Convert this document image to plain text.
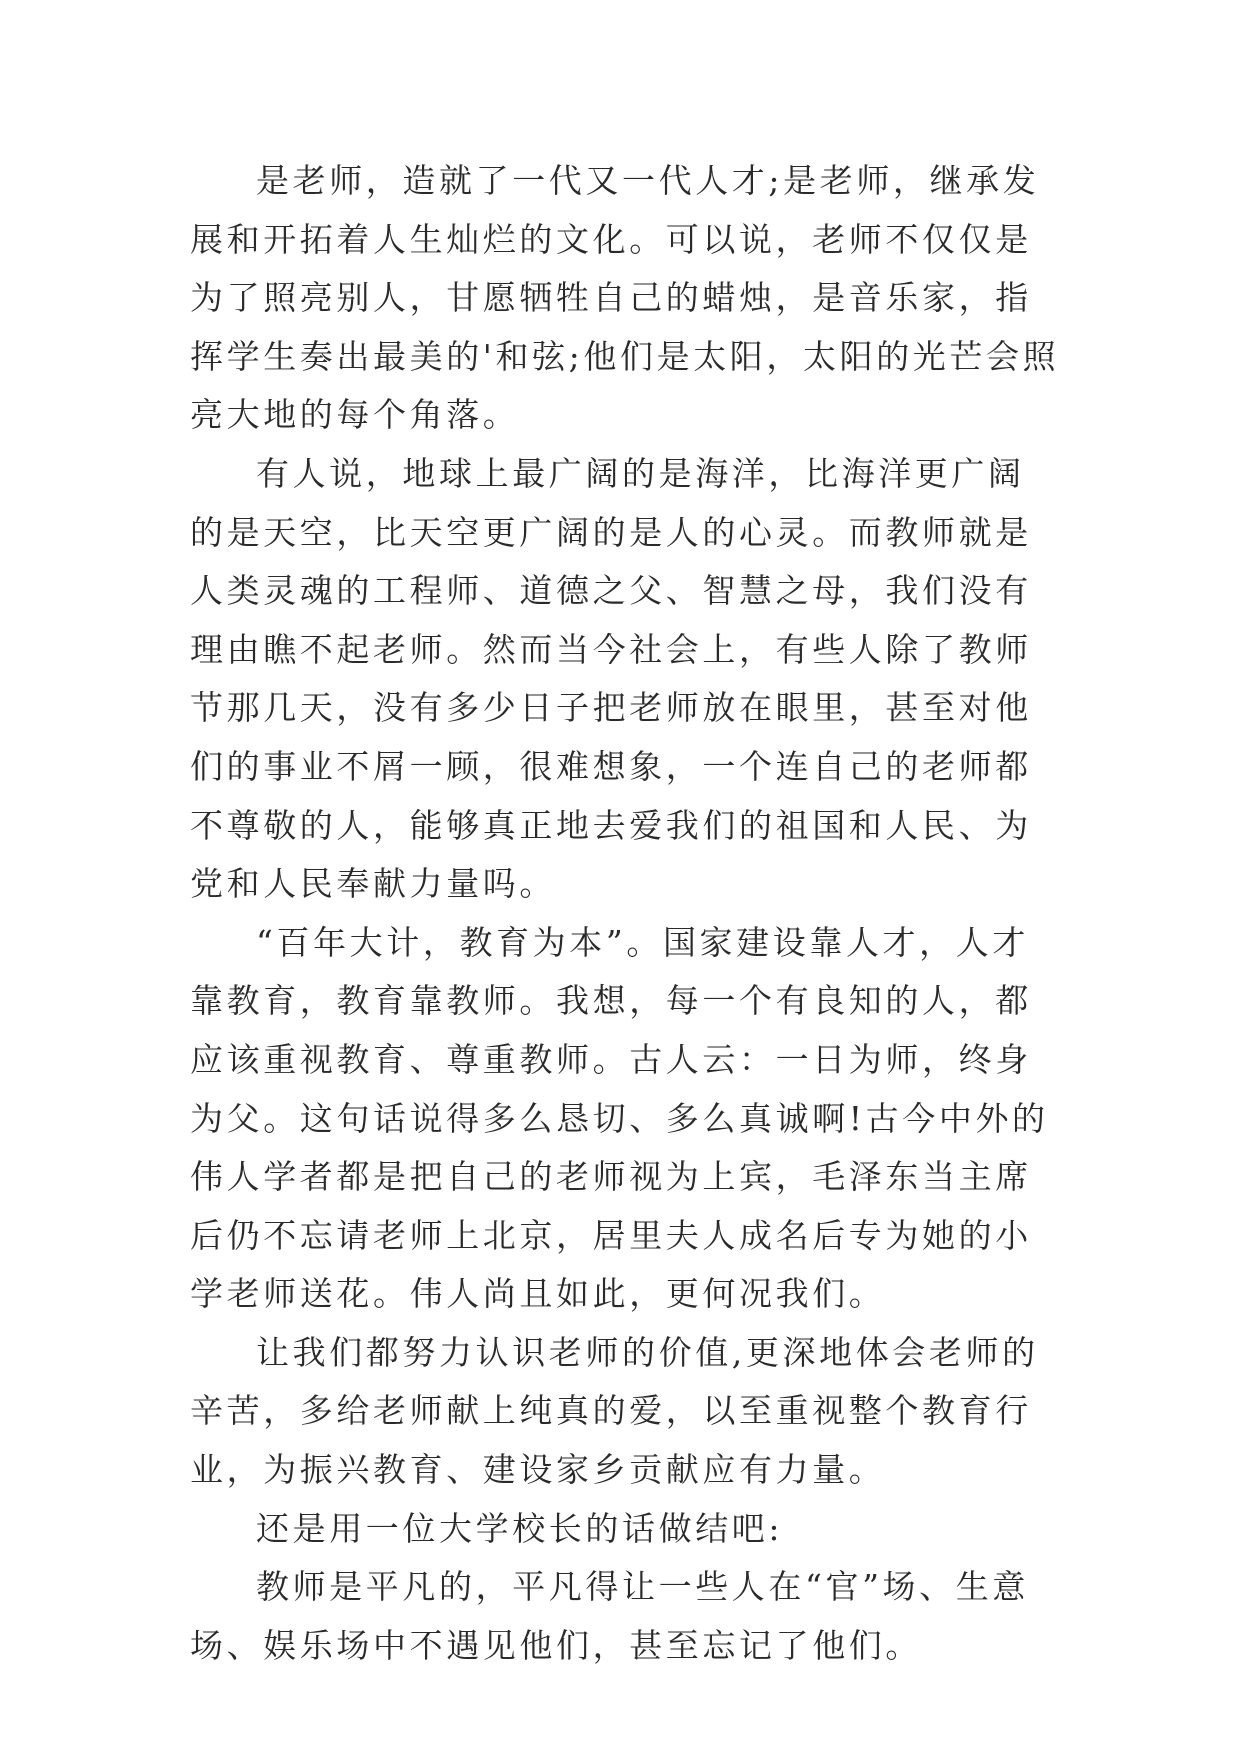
是老师，造就了一代又一代人才;是老师，继承发展和开拓着人生灿烂的文化。可以说，老师不仅仅是为了照亮别人，甘愿牺牲自己的蜡烛，是音乐家，指挥学生奏出最美的'和弦;他们是太阳，太阳的光芒会照亮大地的每个角落。

有人说，地球上最广阔的是海洋，比海洋更广阔的是天空，比天空更广阔的是人的心灵。而教师就是人类灵魂的工程师、道德之父、智慧之母，我们没有理由瞧不起老师。然而当今社会上，有些人除了教师节那几天，没有多少日子把老师放在眼里，甚至对他们的事业不屑一顾，很难想象，一个连自己的老师都不尊敬的人，能够真正地去爱我们的祖国和人民、为党和人民奉献力量吗。

“百年大计，教育为本”。国家建设靠人才，人才靠教育，教育靠教师。我想，每一个有良知的人，都应该重视教育、尊重教师。古人云：一日为师，终身为父。这句话说得多么恳切、多么真诚啊!古今中外的伟人学者都是把自己的老师视为上宾，毛泽东当主席后仍不忘请老师上北京，居里夫人成名后专为她的小学老师送花。伟人尚且如此，更何况我们。

让我们都努力认识老师的价值,更深地体会老师的辛苦，多给老师献上纯真的爱，以至重视整个教育行业，为振兴教育、建设家乡贡献应有力量。

还是用一位大学校长的话做结吧:

教师是平凡的，平凡得让一些人在“官”场、生意场、娱乐场中不遇见他们，甚至忘记了他们。
